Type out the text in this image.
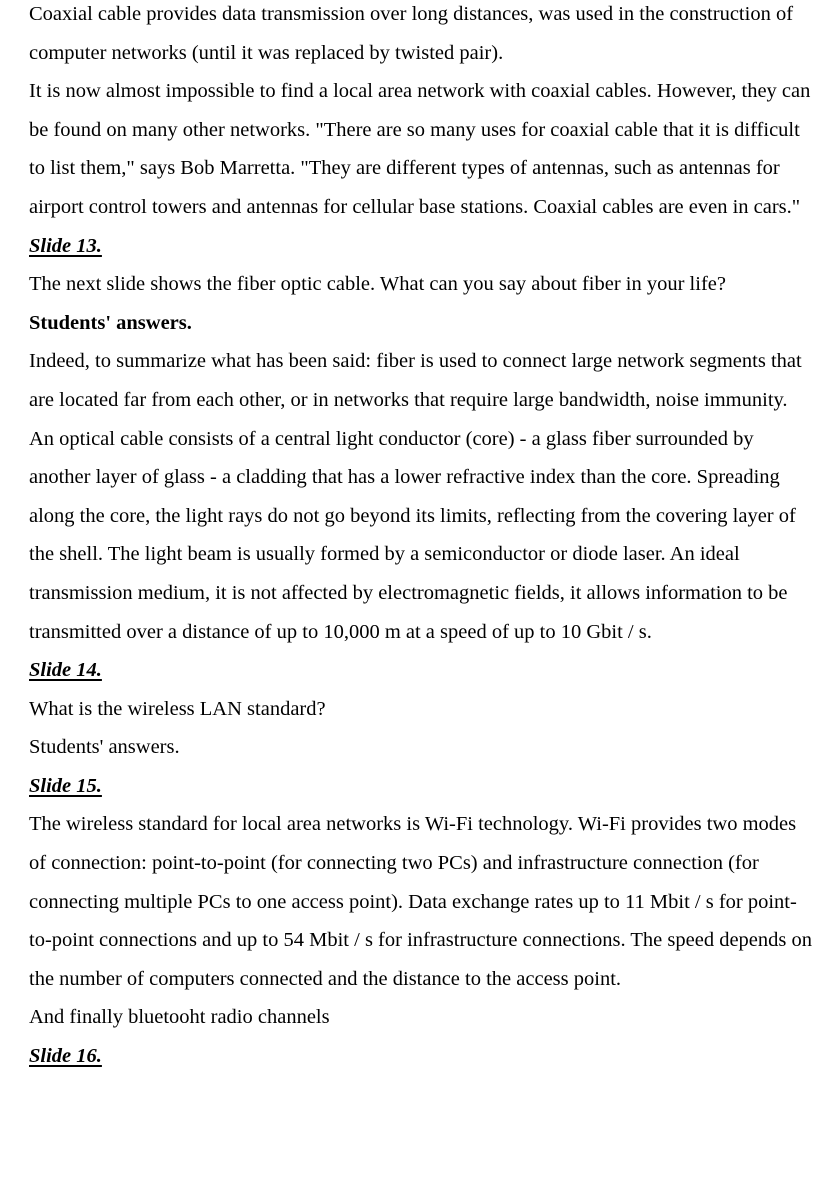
Coaxial cable provides data transmission over long distances, was used in the construction of computer networks (until it was replaced by twisted pair).

It is now almost impossible to find a local area network with coaxial cables. However, they can be found on many other networks. "There are so many uses for coaxial cable that it is difficult to list them," says Bob Marretta. "They are different types of antennas, such as antennas for airport control towers and antennas for cellular base stations. Coaxial cables are even in cars."

Slide 13.

The next slide shows the fiber optic cable. What can you say about fiber in your life?

Students' answers.

Indeed, to summarize what has been said: fiber is used to connect large network segments that are located far from each other, or in networks that require large bandwidth, noise immunity. An optical cable consists of a central light conductor (core) - a glass fiber surrounded by another layer of glass - a cladding that has a lower refractive index than the core. Spreading along the core, the light rays do not go beyond its limits, reflecting from the covering layer of the shell. The light beam is usually formed by a semiconductor or diode laser. An ideal transmission medium, it is not affected by electromagnetic fields, it allows information to be transmitted over a distance of up to 10,000 m at a speed of up to 10 Gbit / s.

Slide 14.

What is the wireless LAN standard?

Students' answers.

Slide 15.

The wireless standard for local area networks is Wi-Fi technology. Wi-Fi provides two modes of connection: point-to-point (for connecting two PCs) and infrastructure connection (for connecting multiple PCs to one access point). Data exchange rates up to 11 Mbit / s for point-to-point connections and up to 54 Mbit / s for infrastructure connections. The speed depends on the number of computers connected and the distance to the access point.

And finally bluetooht radio channels

Slide 16.
